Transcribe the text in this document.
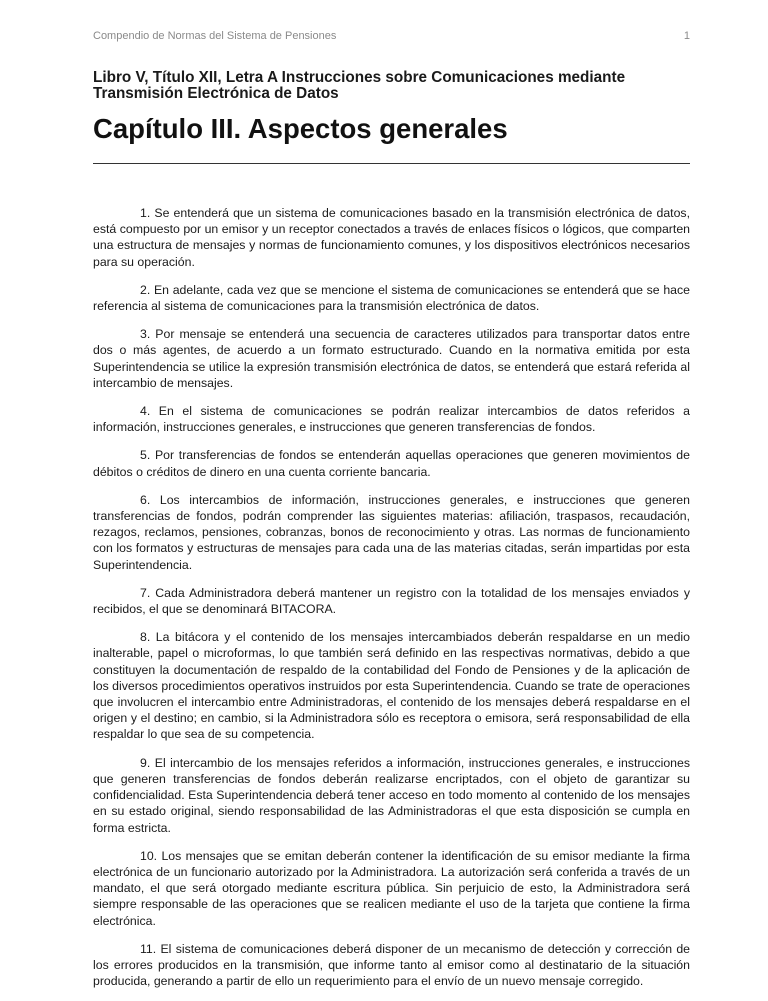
Compendio de Normas del Sistema de Pensiones	1
Libro V, Título XII, Letra A Instrucciones sobre Comunicaciones mediante Transmisión Electrónica de Datos
Capítulo III. Aspectos generales

1. Se entenderá que un sistema de comunicaciones basado en la transmisión electrónica de datos, está compuesto por un emisor y un receptor conectados a través de enlaces físicos o lógicos, que comparten una estructura de mensajes y normas de funcionamiento comunes, y los dispositivos electrónicos necesarios para su operación.

2. En adelante, cada vez que se mencione el sistema de comunicaciones se entenderá que se hace referencia al sistema de comunicaciones para la transmisión electrónica de datos.

3. Por mensaje se entenderá una secuencia de caracteres utilizados para transportar datos entre dos o más agentes, de acuerdo a un formato estructurado. Cuando en la normativa emitida por esta Superintendencia se utilice la expresión transmisión electrónica de datos, se entenderá que estará referida al intercambio de mensajes.

4. En el sistema de comunicaciones se podrán realizar intercambios de datos referidos a información, instrucciones generales, e instrucciones que generen transferencias de fondos.

5. Por transferencias de fondos se entenderán aquellas operaciones que generen movimientos de débitos o créditos de dinero en una cuenta corriente bancaria.

6. Los intercambios de información, instrucciones generales, e instrucciones que generen transferencias de fondos, podrán comprender las siguientes materias: afiliación, traspasos, recaudación, rezagos, reclamos, pensiones, cobranzas, bonos de reconocimiento y otras. Las normas de funcionamiento con los formatos y estructuras de mensajes para cada una de las materias citadas, serán impartidas por esta Superintendencia.

7. Cada Administradora deberá mantener un registro con la totalidad de los mensajes enviados y recibidos, el que se denominará BITACORA.

8. La bitácora y el contenido de los mensajes intercambiados deberán respaldarse en un medio inalterable, papel o microformas, lo que también será definido en las respectivas normativas, debido a que constituyen la documentación de respaldo de la contabilidad del Fondo de Pensiones y de la aplicación de los diversos procedimientos operativos instruidos por esta Superintendencia. Cuando se trate de operaciones que involucren el intercambio entre Administradoras, el contenido de los mensajes deberá respaldarse en el origen y el destino; en cambio, si la Administradora sólo es receptora o emisora, será responsabilidad de ella respaldar lo que sea de su competencia.

9. El intercambio de los mensajes referidos a información, instrucciones generales, e instrucciones que generen transferencias de fondos deberán realizarse encriptados, con el objeto de garantizar su confidencialidad. Esta Superintendencia deberá tener acceso en todo momento al contenido de los mensajes en su estado original, siendo responsabilidad de las Administradoras el que esta disposición se cumpla en forma estricta.

10. Los mensajes que se emitan deberán contener la identificación de su emisor mediante la firma electrónica de un funcionario autorizado por la Administradora. La autorización será conferida a través de un mandato, el que será otorgado mediante escritura pública. Sin perjuicio de esto, la Administradora será siempre responsable de las operaciones que se realicen mediante el uso de la tarjeta que contiene la firma electrónica.

11. El sistema de comunicaciones deberá disponer de un mecanismo de detección y corrección de los errores producidos en la transmisión, que informe tanto al emisor como al destinatario de la situación producida, generando a partir de ello un requerimiento para el envío de un nuevo mensaje corregido.
